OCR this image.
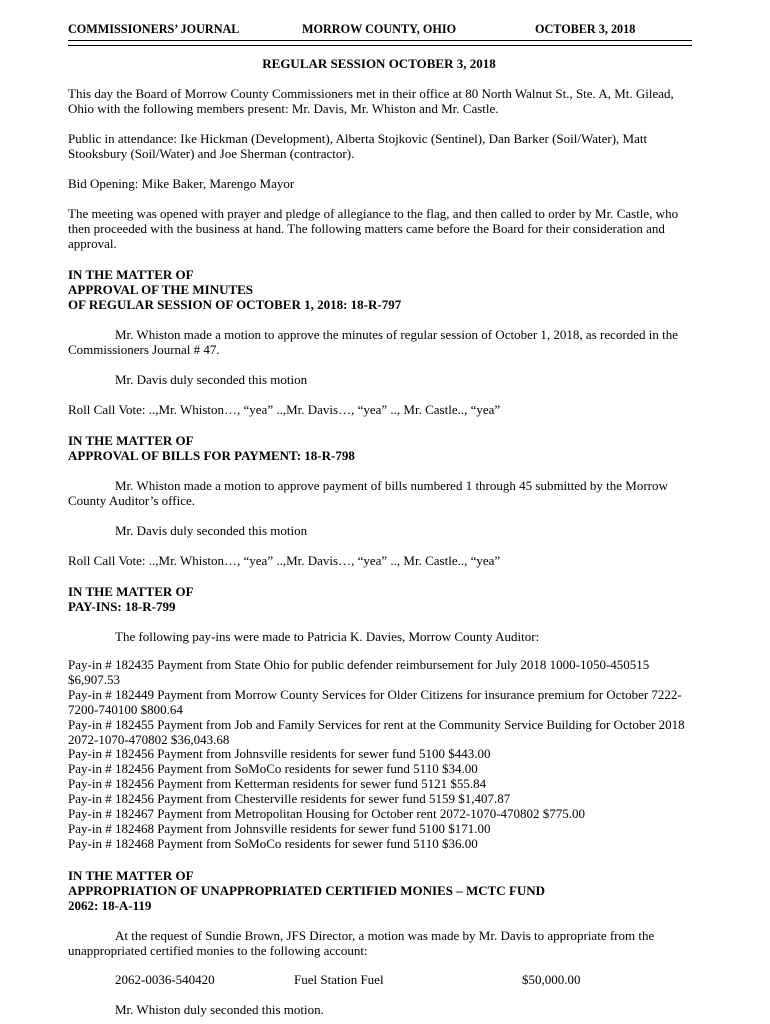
COMMISSIONERS’ JOURNAL	MORROW COUNTY, OHIO	OCTOBER 3, 2018
REGULAR SESSION OCTOBER 3, 2018

This day the Board of Morrow County Commissioners met in their office at 80 North Walnut St., Ste. A, Mt. Gilead, Ohio with the following members present: Mr. Davis, Mr. Whiston and Mr. Castle.

Public in attendance: Ike Hickman (Development), Alberta Stojkovic (Sentinel), Dan Barker (Soil/Water), Matt Stooksbury (Soil/Water) and Joe Sherman (contractor).

Bid Opening: Mike Baker, Marengo Mayor

The meeting was opened with prayer and pledge of allegiance to the flag, and then called to order by Mr. Castle, who then proceeded with the business at hand. The following matters came before the Board for their consideration and approval.

IN THE MATTER OF
APPROVAL OF THE MINUTES
OF REGULAR SESSION OF OCTOBER 1, 2018: 18-R-797

Mr. Whiston made a motion to approve the minutes of regular session of October 1, 2018, as recorded in the Commissioners Journal # 47.

Mr. Davis duly seconded this motion

Roll Call Vote: ..,Mr. Whiston…, “yea” ..,Mr. Davis…, “yea” .., Mr. Castle.., “yea”

IN THE MATTER OF
APPROVAL OF BILLS FOR PAYMENT: 18-R-798

Mr. Whiston made a motion to approve payment of bills numbered 1 through 45 submitted by the Morrow County Auditor’s office.

Mr. Davis duly seconded this motion

Roll Call Vote: ..,Mr. Whiston…, “yea” ..,Mr. Davis…, “yea” .., Mr. Castle.., “yea”

IN THE MATTER OF
PAY-INS: 18-R-799

The following pay-ins were made to Patricia K. Davies, Morrow County Auditor:

Pay-in # 182435 Payment from State Ohio for public defender reimbursement for July 2018 1000-1050-450515 $6,907.53
Pay-in # 182449 Payment from Morrow County Services for Older Citizens for insurance premium for October 7222-7200-740100 $800.64
Pay-in # 182455 Payment from Job and Family Services for rent at the Community Service Building for October 2018 2072-1070-470802 $36,043.68
Pay-in # 182456 Payment from Johnsville residents for sewer fund 5100 $443.00
Pay-in # 182456 Payment from SoMoCo residents for sewer fund 5110 $34.00
Pay-in # 182456 Payment from Ketterman residents for sewer fund 5121 $55.84
Pay-in # 182456 Payment from Chesterville residents for sewer fund 5159 $1,407.87
Pay-in # 182467 Payment from Metropolitan Housing for October rent 2072-1070-470802 $775.00
Pay-in # 182468 Payment from Johnsville residents for sewer fund 5100 $171.00
Pay-in # 182468 Payment from SoMoCo residents for sewer fund 5110 $36.00
IN THE MATTER OF
APPROPRIATION OF UNAPPROPRIATED CERTIFIED MONIES – MCTC FUND
2062: 18-A-119

At the request of Sundie Brown, JFS Director, a motion was made by Mr. Davis to appropriate from the unappropriated certified monies to the following account:

2062-0036-540420	Fuel Station Fuel	$50,000.00

Mr. Whiston duly seconded this motion.
